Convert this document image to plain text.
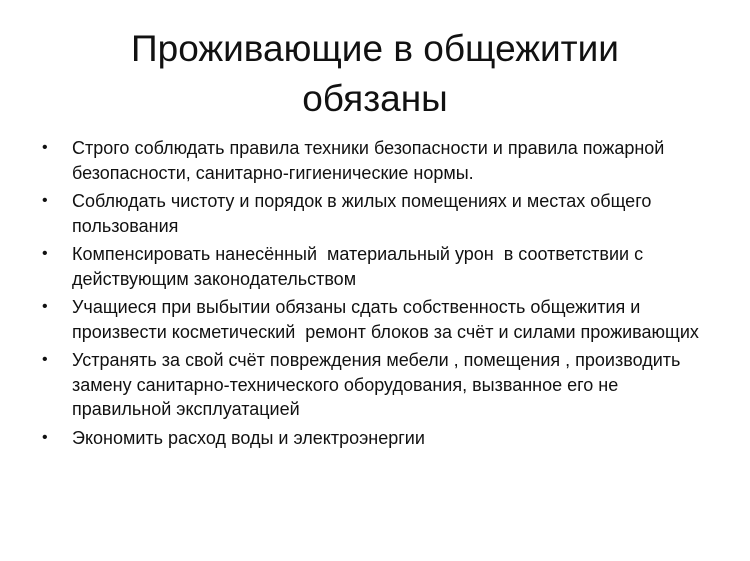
Проживающие в общежитии
обязаны
• Строго соблюдать правила техники безопасности и правила пожарной безопасности, санитарно-гигиенические нормы.
• Соблюдать чистоту и порядок в жилых помещениях и местах общего пользования
• Компенсировать нанесённый  материальный урон  в соответствии с действующим законодательством
• Учащиеся при выбытии обязаны сдать собственность общежития и произвести косметический  ремонт блоков за счёт и силами проживающих
• Устранять за свой счёт повреждения мебели , помещения , производить замену санитарно-технического оборудования, вызванное его не правильной эксплуатацией
• Экономить расход воды и электроэнергии
